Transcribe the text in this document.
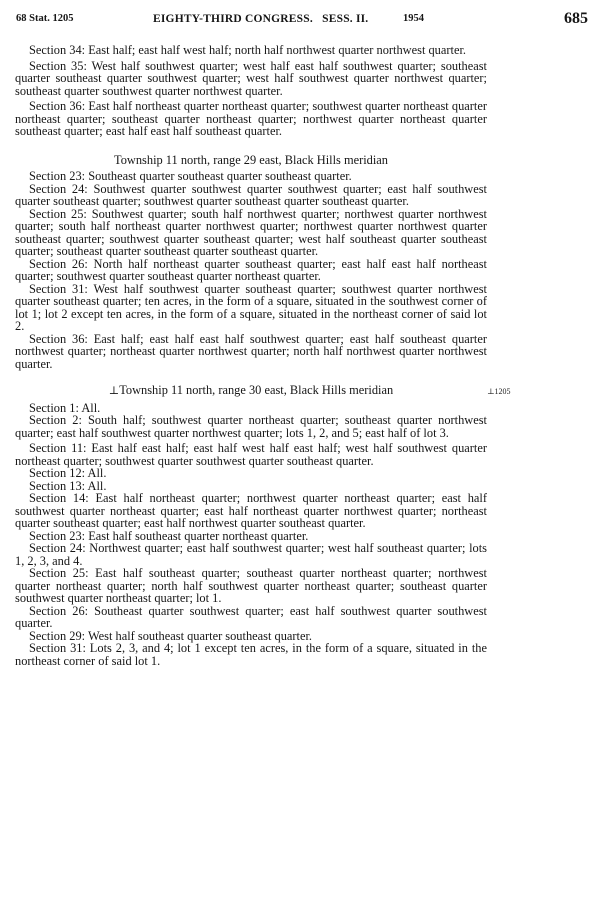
68 Stat. 1205	EIGHTY-THIRD CONGRESS. SESS. II.	1954	685

Section 34: East half; east half west half; north half northwest quarter northwest quarter.

Section 35: West half southwest quarter; west half east half southwest quarter; southeast quarter southeast quarter southwest quarter; west half southwest quarter northwest quarter; southeast quarter southwest quarter northwest quarter.

Section 36: East half northeast quarter northeast quarter; southwest quarter northeast quarter northeast quarter; southeast quarter northeast quarter; northwest quarter northeast quarter southeast quarter; east half east half southeast quarter.

Township 11 north, range 29 east, Black Hills meridian

Section 23: Southeast quarter southeast quarter southeast quarter.

Section 24: Southwest quarter southwest quarter southwest quarter; east half southwest quarter southeast quarter; southwest quarter southeast quarter southeast quarter.

Section 25: Southwest quarter; south half northwest quarter; northwest quarter northwest quarter; south half northeast quarter northwest quarter; northwest quarter northwest quarter southeast quarter; southwest quarter southeast quarter; west half southeast quarter southeast quarter; southeast quarter southeast quarter southeast quarter.

Section 26: North half northeast quarter southeast quarter; east half east half northeast quarter; southwest quarter southeast quarter northeast quarter.

Section 31: West half southwest quarter southeast quarter; southwest quarter northwest quarter southeast quarter; ten acres, in the form of a square, situated in the southwest corner of lot 1; lot 2 except ten acres, in the form of a square, situated in the northeast corner of said lot 2.

Section 36: East half; east half east half southwest quarter; east half southeast quarter northwest quarter; northeast quarter northwest quarter; north half northwest quarter northwest quarter.

⊥Township 11 north, range 30 east, Black Hills meridian

Section 1: All.

Section 2: South half; southwest quarter northeast quarter; southeast quarter northwest quarter; east half southwest quarter northwest quarter; lots 1, 2, and 5; east half of lot 3.

Section 11: East half east half; east half west half east half; west half southwest quarter northeast quarter; southwest quarter southwest quarter southeast quarter.

Section 12: All.

Section 13: All.

Section 14: East half northeast quarter; northwest quarter northeast quarter; east half southwest quarter northeast quarter; east half northeast quarter northwest quarter; northeast quarter southeast quarter; east half northwest quarter southeast quarter.

Section 23: East half southeast quarter northeast quarter.

Section 24: Northwest quarter; east half southwest quarter; west half southeast quarter; lots 1, 2, 3, and 4.

Section 25: East half southeast quarter; southeast quarter northeast quarter; northwest quarter northeast quarter; north half southwest quarter northeast quarter; southeast quarter southwest quarter northeast quarter; lot 1.

Section 26: Southeast quarter southwest quarter; east half southwest quarter southwest quarter.

Section 29: West half southeast quarter southeast quarter.

Section 31: Lots 2, 3, and 4; lot 1 except ten acres, in the form of a square, situated in the northeast corner of said lot 1.

⊥1205
